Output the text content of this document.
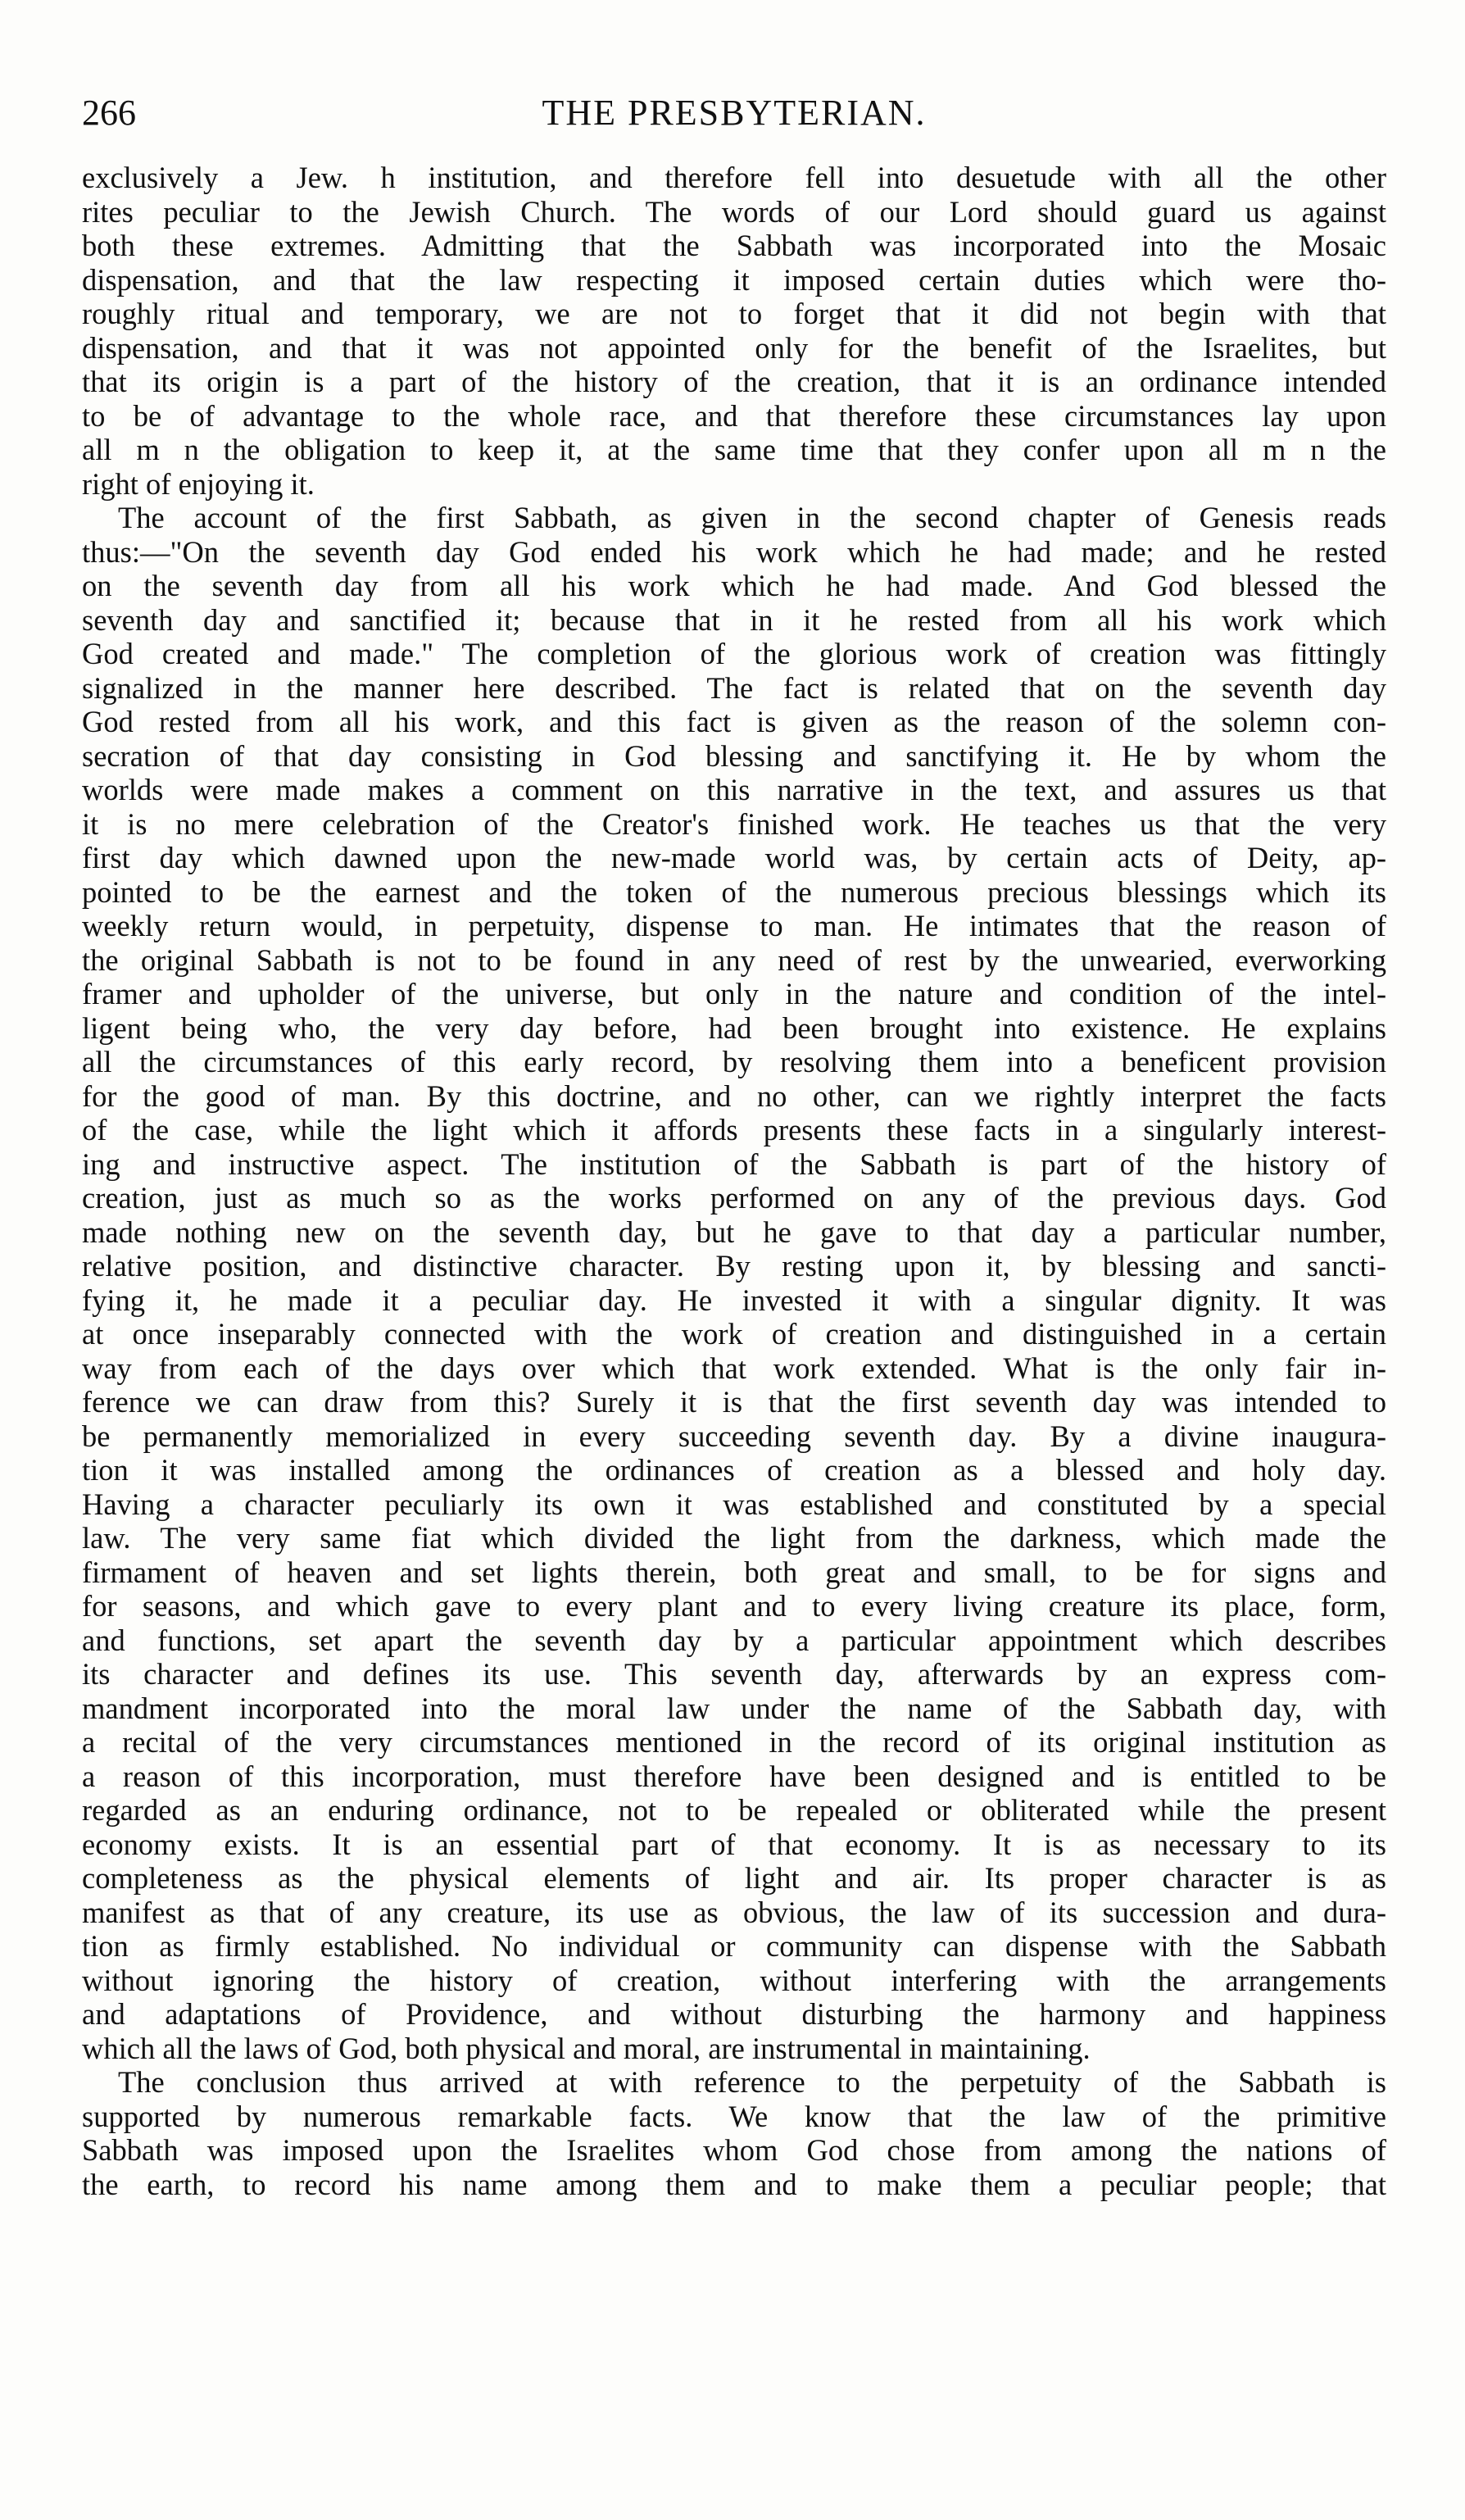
266	THE PRESBYTERIAN.
exclusively a Jew. h institution, and therefore fell into desuetude with all the other
rites peculiar to the Jewish Church. The words of our Lord should guard us against
both these extremes. Admitting that the Sabbath was incorporated into the Mosaic
dispensation, and that the law respecting it imposed certain duties which were tho-
roughly ritual and temporary, we are not to forget that it did not begin with that
dispensation, and that it was not appointed only for the benefit of the Israelites, but
that its origin is a part of the history of the creation, that it is an ordinance intended
to be of advantage to the whole race, and that therefore these circumstances lay upon
all m n the obligation to keep it, at the same time that they confer upon all m n the
right of enjoying it.
The account of the first Sabbath, as given in the second chapter of Genesis reads
thus:—"On the seventh day God ended his work which he had made; and he rested
on the seventh day from all his work which he had made. And God blessed the
seventh day and sanctified it; because that in it he rested from all his work which
God created and made." The completion of the glorious work of creation was fittingly
signalized in the manner here described. The fact is related that on the seventh day
God rested from all his work, and this fact is given as the reason of the solemn con-
secration of that day consisting in God blessing and sanctifying it. He by whom the
worlds were made makes a comment on this narrative in the text, and assures us that
it is no mere celebration of the Creator's finished work. He teaches us that the very
first day which dawned upon the new-made world was, by certain acts of Deity, ap-
pointed to be the earnest and the token of the numerous precious blessings which its
weekly return would, in perpetuity, dispense to man. He intimates that the reason of
the original Sabbath is not to be found in any need of rest by the unwearied, everworking
framer and upholder of the universe, but only in the nature and condition of the intel-
ligent being who, the very day before, had been brought into existence. He explains
all the circumstances of this early record, by resolving them into a beneficent provision
for the good of man. By this doctrine, and no other, can we rightly interpret the facts
of the case, while the light which it affords presents these facts in a singularly interest-
ing and instructive aspect. The institution of the Sabbath is part of the history of
creation, just as much so as the works performed on any of the previous days. God
made nothing new on the seventh day, but he gave to that day a particular number,
relative position, and distinctive character. By resting upon it, by blessing and sancti-
fying it, he made it a peculiar day. He invested it with a singular dignity. It was
at once inseparably connected with the work of creation and distinguished in a certain
way from each of the days over which that work extended. What is the only fair in-
ference we can draw from this? Surely it is that the first seventh day was intended to
be permanently memorialized in every succeeding seventh day. By a divine inaugura-
tion it was installed among the ordinances of creation as a blessed and holy day.
Having a character peculiarly its own it was established and constituted by a special
law. The very same fiat which divided the light from the darkness, which made the
firmament of heaven and set lights therein, both great and small, to be for signs and
for seasons, and which gave to every plant and to every living creature its place, form,
and functions, set apart the seventh day by a particular appointment which describes
its character and defines its use. This seventh day, afterwards by an express com-
mandment incorporated into the moral law under the name of the Sabbath day, with
a recital of the very circumstances mentioned in the record of its original institution as
a reason of this incorporation, must therefore have been designed and is entitled to be
regarded as an enduring ordinance, not to be repealed or obliterated while the present
economy exists. It is an essential part of that economy. It is as necessary to its
completeness as the physical elements of light and air. Its proper character is as
manifest as that of any creature, its use as obvious, the law of its succession and dura-
tion as firmly established. No individual or community can dispense with the Sabbath
without ignoring the history of creation, without interfering with the arrangements
and adaptations of Providence, and without disturbing the harmony and happiness
which all the laws of God, both physical and moral, are instrumental in maintaining.
The conclusion thus arrived at with reference to the perpetuity of the Sabbath is
supported by numerous remarkable facts. We know that the law of the primitive
Sabbath was imposed upon the Israelites whom God chose from among the nations of
the earth, to record his name among them and to make them a peculiar people; that
